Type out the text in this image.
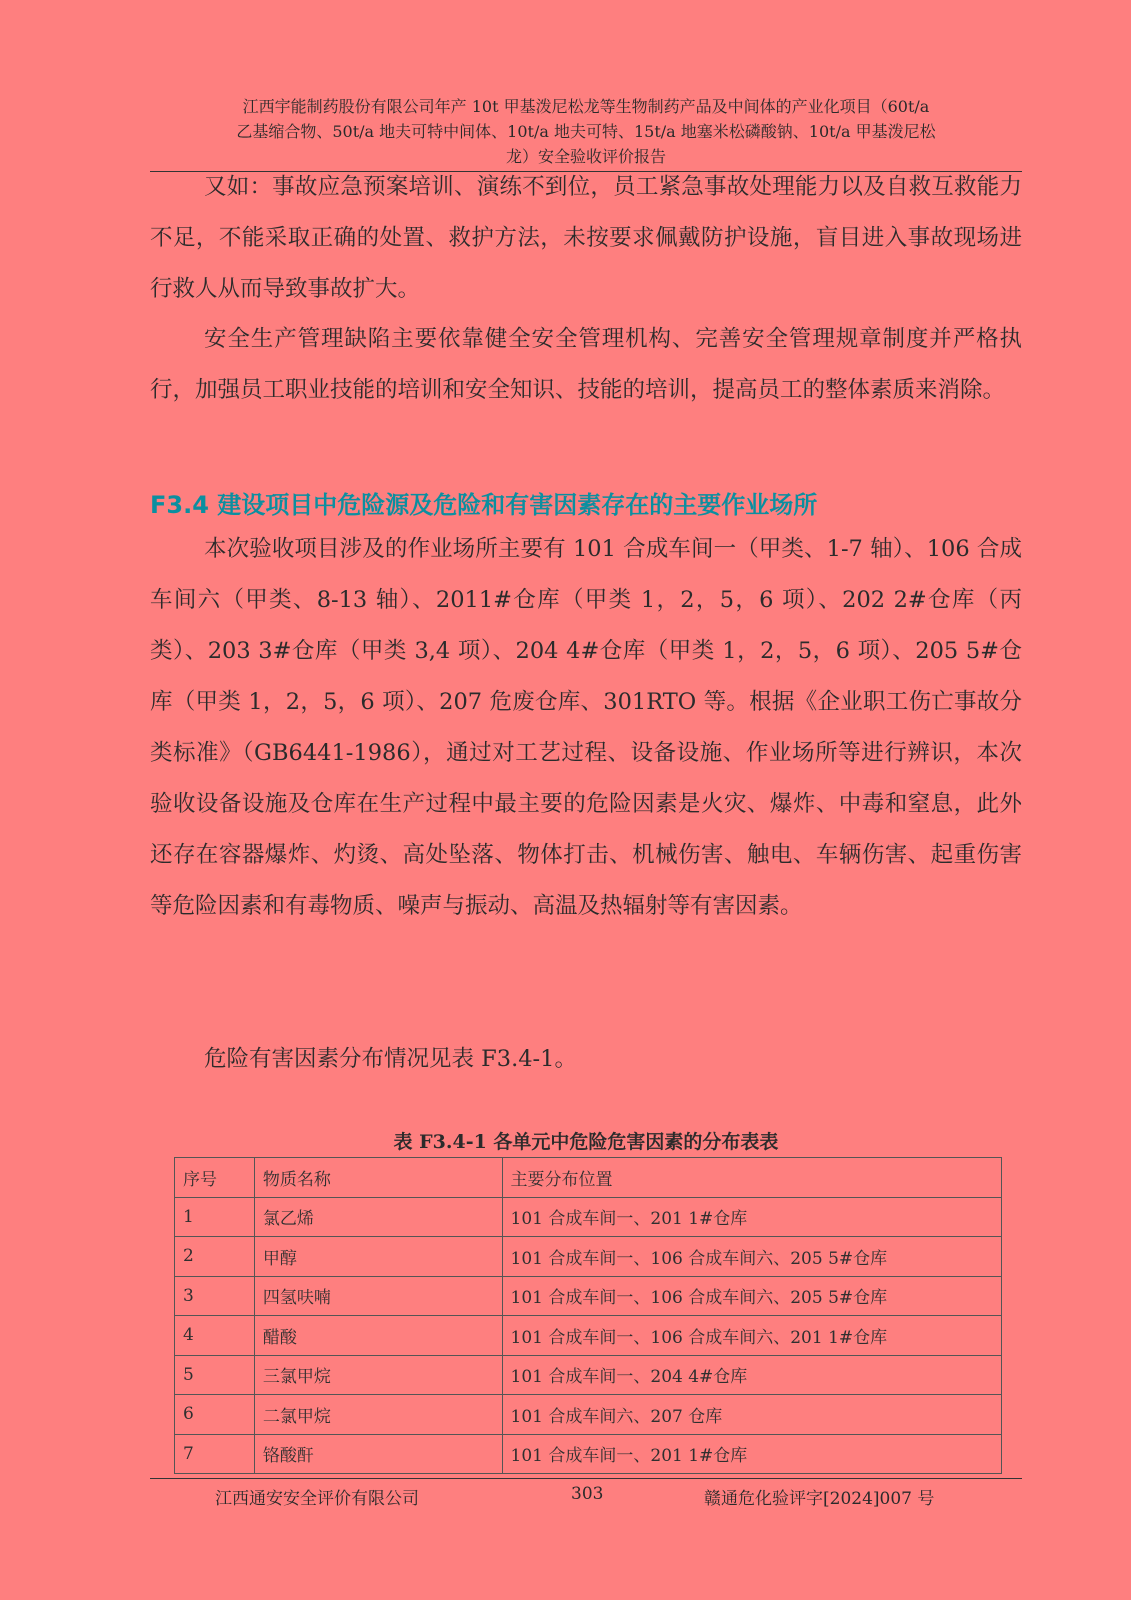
江西宇能制药股份有限公司年产 10t 甲基泼尼松龙等生物制药产品及中间体的产业化项目（60t/a
乙基缩合物、50t/a 地夫可特中间体、10t/a 地夫可特、15t/a 地塞米松磷酸钠、10t/a 甲基泼尼松
龙）安全验收评价报告

又如：事故应急预案培训、演练不到位，员工紧急事故处理能力以及自救互救能力不足，不能采取正确的处置、救护方法，未按要求佩戴防护设施，盲目进入事故现场进行救人从而导致事故扩大。

安全生产管理缺陷主要依靠健全安全管理机构、完善安全管理规章制度并严格执行，加强员工职业技能的培训和安全知识、技能的培训，提高员工的整体素质来消除。

F3.4 建设项目中危险源及危险和有害因素存在的主要作业场所

本次验收项目涉及的作业场所主要有 101 合成车间一（甲类、1-7 轴）、106 合成车间六（甲类、8-13 轴）、2011#仓库（甲类 1，2，5，6 项）、202 2#仓库（丙类）、203 3#仓库（甲类 3,4 项）、204 4#仓库（甲类 1，2，5，6 项）、205 5#仓库（甲类 1，2，5，6 项）、207 危废仓库、301RTO 等。根据《企业职工伤亡事故分类标准》（GB6441-1986），通过对工艺过程、设备设施、作业场所等进行辨识，本次验收设备设施及仓库在生产过程中最主要的危险因素是火灾、爆炸、中毒和窒息，此外还存在容器爆炸、灼烫、高处坠落、物体打击、机械伤害、触电、车辆伤害、起重伤害等危险因素和有毒物质、噪声与振动、高温及热辐射等有害因素。

危险有害因素分布情况见表 F3.4-1。

表 F3.4-1 各单元中危险危害因素的分布表表
序号	物质名称	主要分布位置
1	氯乙烯	101 合成车间一、201 1#仓库
2	甲醇	101 合成车间一、106 合成车间六、205 5#仓库
3	四氢呋喃	101 合成车间一、106 合成车间六、205 5#仓库
4	醋酸	101 合成车间一、106 合成车间六、201 1#仓库
5	三氯甲烷	101 合成车间一、204 4#仓库
6	二氯甲烷	101 合成车间六、207 仓库
7	铬酸酐	101 合成车间一、201 1#仓库
江西通安安全评价有限公司	303	赣通危化验评字[2024]007 号
